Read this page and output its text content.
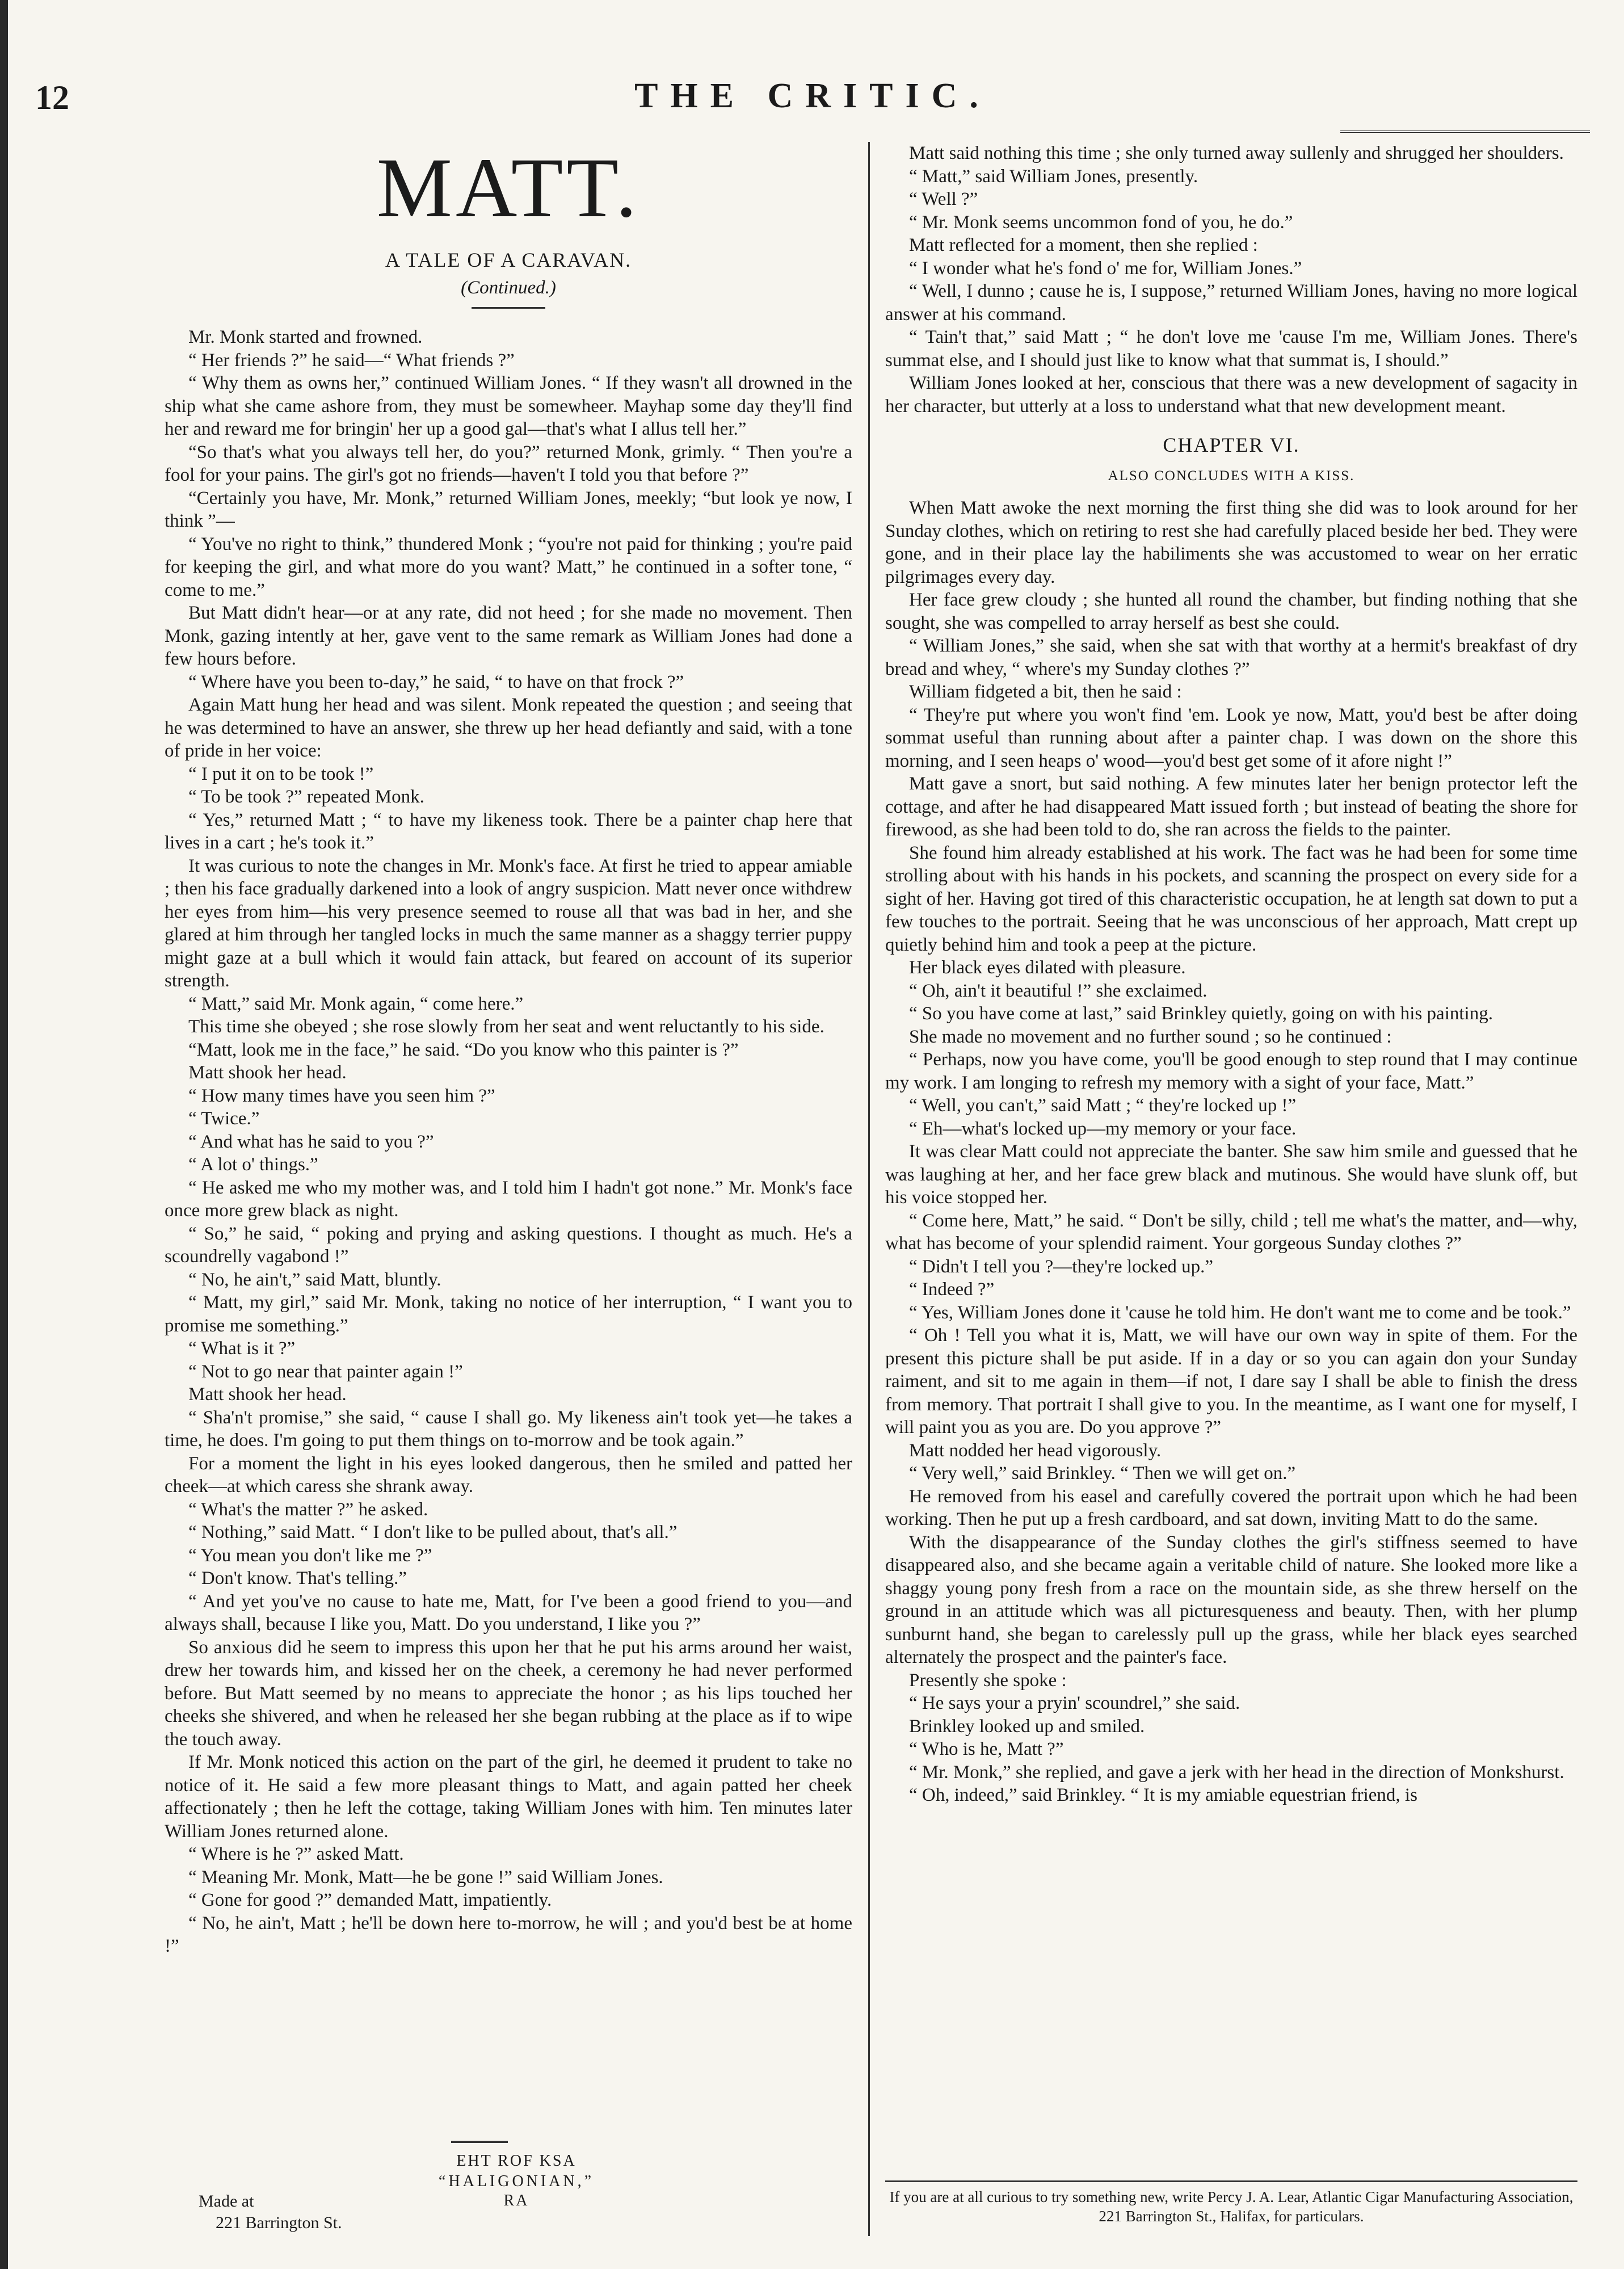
12	THE CRITIC.
MATT.
A TALE OF A CARAVAN.
(Continued.)

Mr. Monk started and frowned.

“ Her friends ?” he said—“ What friends ?”

“ Why them as owns her,” continued William Jones. “ If they wasn't all drowned in the ship what she came ashore from, they must be somewheer. Mayhap some day they'll find her and reward me for bringin' her up a good gal—that's what I allus tell her.”

“So that's what you always tell her, do you?” returned Monk, grimly. “ Then you're a fool for your pains. The girl's got no friends—haven't I told you that before ?”

“Certainly you have, Mr. Monk,” returned William Jones, meekly; “but look ye now, I think ”—

“ You've no right to think,” thundered Monk ; “you're not paid for thinking ; you're paid for keeping the girl, and what more do you want? Matt,” he continued in a softer tone, “ come to me.”

But Matt didn't hear—or at any rate, did not heed ; for she made no movement. Then Monk, gazing intently at her, gave vent to the same remark as William Jones had done a few hours before.

“ Where have you been to-day,” he said, “ to have on that frock ?”

Again Matt hung her head and was silent. Monk repeated the question ; and seeing that he was determined to have an answer, she threw up her head defiantly and said, with a tone of pride in her voice:

“ I put it on to be took !”

“ To be took ?” repeated Monk.

“ Yes,” returned Matt ; “ to have my likeness took. There be a painter chap here that lives in a cart ; he's took it.”

It was curious to note the changes in Mr. Monk's face. At first he tried to appear amiable ; then his face gradually darkened into a look of angry suspicion. Matt never once withdrew her eyes from him—his very presence seemed to rouse all that was bad in her, and she glared at him through her tangled locks in much the same manner as a shaggy terrier puppy might gaze at a bull which it would fain attack, but feared on account of its superior strength.

“ Matt,” said Mr. Monk again, “ come here.”

This time she obeyed ; she rose slowly from her seat and went reluctantly to his side.

“Matt, look me in the face,” he said. “Do you know who this painter is ?”

Matt shook her head.

“ How many times have you seen him ?”

“ Twice.”

“ And what has he said to you ?”

“ A lot o' things.”

“ He asked me who my mother was, and I told him I hadn't got none.” Mr. Monk's face once more grew black as night.

“ So,” he said, “ poking and prying and asking questions. I thought as much. He's a scoundrelly vagabond !”

“ No, he ain't,” said Matt, bluntly.

“ Matt, my girl,” said Mr. Monk, taking no notice of her interruption, “ I want you to promise me something.”

“ What is it ?”

“ Not to go near that painter again !”

Matt shook her head.

“ Sha'n't promise,” she said, “ cause I shall go. My likeness ain't took yet—he takes a time, he does. I'm going to put them things on to-morrow and be took again.”

For a moment the light in his eyes looked dangerous, then he smiled and patted her cheek—at which caress she shrank away.

“ What's the matter ?” he asked.

“ Nothing,” said Matt. “ I don't like to be pulled about, that's all.”

“ You mean you don't like me ?”

“ Don't know. That's telling.”

“ And yet you've no cause to hate me, Matt, for I've been a good friend to you—and always shall, because I like you, Matt. Do you understand, I like you ?”

So anxious did he seem to impress this upon her that he put his arms around her waist, drew her towards him, and kissed her on the cheek, a ceremony he had never performed before. But Matt seemed by no means to appreciate the honor ; as his lips touched her cheeks she shivered, and when he released her she began rubbing at the place as if to wipe the touch away.

If Mr. Monk noticed this action on the part of the girl, he deemed it prudent to take no notice of it. He said a few more pleasant things to Matt, and again patted her cheek affectionately ; then he left the cottage, taking William Jones with him. Ten minutes later William Jones returned alone.

“ Where is he ?” asked Matt.

“ Meaning Mr. Monk, Matt—he be gone !” said William Jones.

“ Gone for good ?” demanded Matt, impatiently.

“ No, he ain't, Matt ; he'll be down here to-morrow, he will ; and you'd best be at home !”

Matt said nothing this time ; she only turned away sullenly and shrugged her shoulders.

“ Matt,” said William Jones, presently.

“ Well ?”

“ Mr. Monk seems uncommon fond of you, he do.”

Matt reflected for a moment, then she replied :

“ I wonder what he's fond o' me for, William Jones.”

“ Well, I dunno ; cause he is, I suppose,” returned William Jones, having no more logical answer at his command.

“ Tain't that,” said Matt ; “ he don't love me 'cause I'm me, William Jones. There's summat else, and I should just like to know what that summat is, I should.”

William Jones looked at her, conscious that there was a new development of sagacity in her character, but utterly at a loss to understand what that new development meant.

CHAPTER VI.
ALSO CONCLUDES WITH A KISS.

When Matt awoke the next morning the first thing she did was to look around for her Sunday clothes, which on retiring to rest she had carefully placed beside her bed. They were gone, and in their place lay the habiliments she was accustomed to wear on her erratic pilgrimages every day.

Her face grew cloudy ; she hunted all round the chamber, but finding nothing that she sought, she was compelled to array herself as best she could.

“ William Jones,” she said, when she sat with that worthy at a hermit's breakfast of dry bread and whey, “ where's my Sunday clothes ?”

William fidgeted a bit, then he said :

“ They're put where you won't find 'em. Look ye now, Matt, you'd best be after doing sommat useful than running about after a painter chap. I was down on the shore this morning, and I seen heaps o' wood—you'd best get some of it afore night !”

Matt gave a snort, but said nothing. A few minutes later her benign protector left the cottage, and after he had disappeared Matt issued forth ; but instead of beating the shore for firewood, as she had been told to do, she ran across the fields to the painter.

She found him already established at his work. The fact was he had been for some time strolling about with his hands in his pockets, and scanning the prospect on every side for a sight of her. Having got tired of this characteristic occupation, he at length sat down to put a few touches to the portrait. Seeing that he was unconscious of her approach, Matt crept up quietly behind him and took a peep at the picture.

Her black eyes dilated with pleasure.

“ Oh, ain't it beautiful !” she exclaimed.

“ So you have come at last,” said Brinkley quietly, going on with his painting.

She made no movement and no further sound ; so he continued :

“ Perhaps, now you have come, you'll be good enough to step round that I may continue my work. I am longing to refresh my memory with a sight of your face, Matt.”

“ Well, you can't,” said Matt ; “ they're locked up !”

“ Eh—what's locked up—my memory or your face.

It was clear Matt could not appreciate the banter. She saw him smile and guessed that he was laughing at her, and her face grew black and mutinous. She would have slunk off, but his voice stopped her.

“ Come here, Matt,” he said. “ Don't be silly, child ; tell me what's the matter, and—why, what has become of your splendid raiment. Your gorgeous Sunday clothes ?”

“ Didn't I tell you ?—they're locked up.”

“ Indeed ?”

“ Yes, William Jones done it 'cause he told him. He don't want me to come and be took.”

“ Oh ! Tell you what it is, Matt, we will have our own way in spite of them. For the present this picture shall be put aside. If in a day or so you can again don your Sunday raiment, and sit to me again in them—if not, I dare say I shall be able to finish the dress from memory. That portrait I shall give to you. In the meantime, as I want one for myself, I will paint you as you are. Do you approve ?”

Matt nodded her head vigorously.

“ Very well,” said Brinkley. “ Then we will get on.”

He removed from his easel and carefully covered the portrait upon which he had been working. Then he put up a fresh cardboard, and sat down, inviting Matt to do the same.

With the disappearance of the Sunday clothes the girl's stiffness seemed to have disappeared also, and she became again a veritable child of nature. She looked more like a shaggy young pony fresh from a race on the mountain side, as she threw herself on the ground in an attitude which was all picturesqueness and beauty. Then, with her plump sunburnt hand, she began to carelessly pull up the grass, while her black eyes searched alternately the prospect and the painter's face.

Presently she spoke :

“ He says your a pryin' scoundrel,” she said.

Brinkley looked up and smiled.

“ Who is he, Matt ?”

“ Mr. Monk,” she replied, and gave a jerk with her head in the direction of Monkshurst.

“ Oh, indeed,” said Brinkley. “ It is my amiable equestrian friend, is

EHT ROF KSA
“HALIGONIAN,”
RA
Made at
221 Barrington St.
If you are at all curious to try something new, write Percy J. A. Lear, Atlantic Cigar Manufacturing Association, 221 Barrington St., Halifax, for particulars.
